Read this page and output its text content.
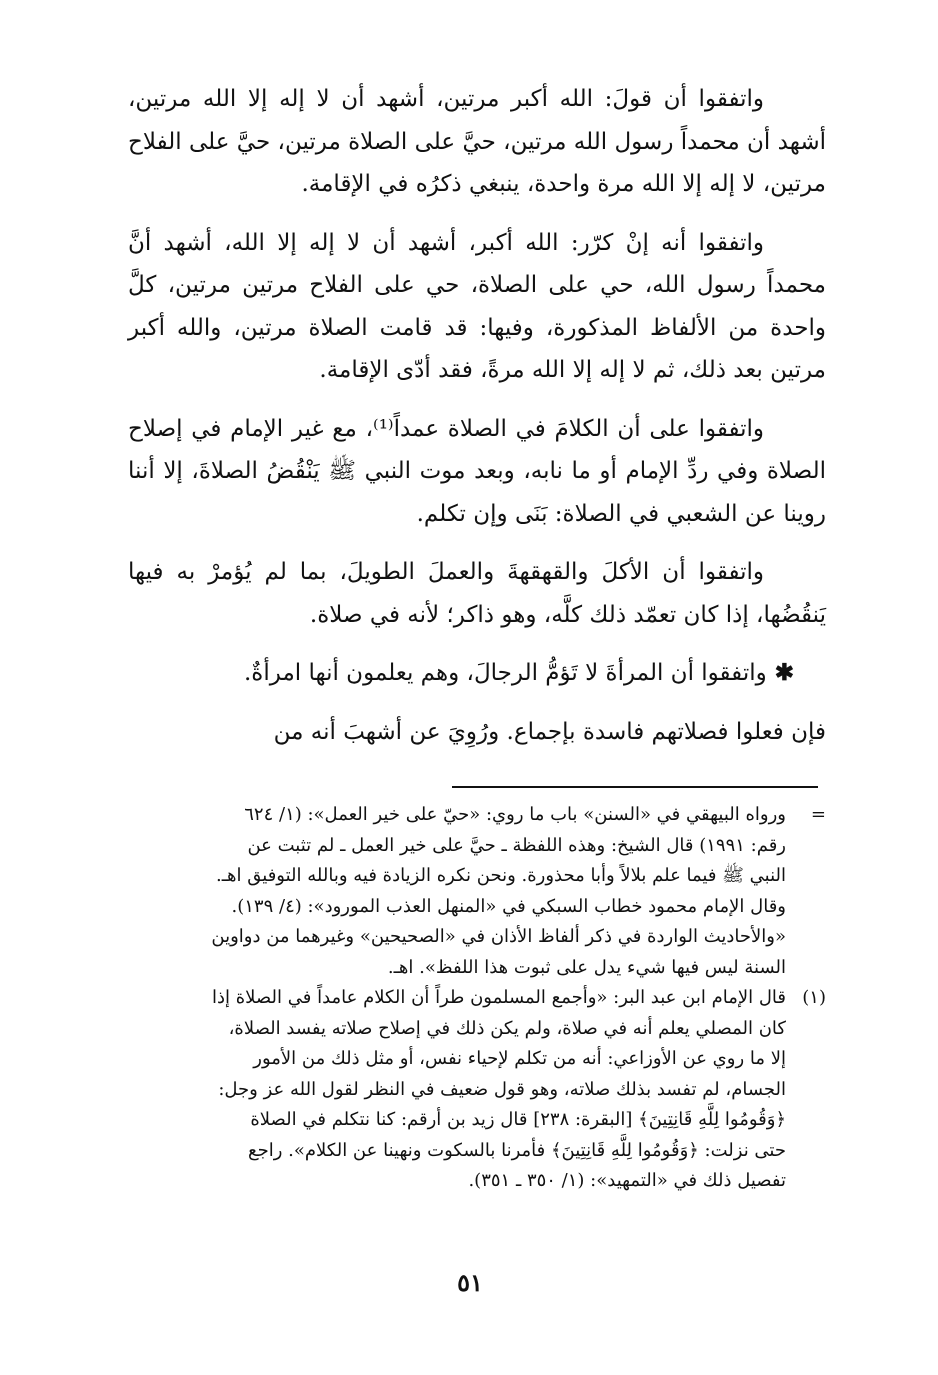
واتفقوا أن قولَ: الله أكبر مرتين، أشهد أن لا إله إلا الله مرتين، أشهد أن محمداً رسول الله مرتين، حيَّ على الصلاة مرتين، حيَّ على الفلاح مرتين، لا إله إلا الله مرة واحدة، ينبغي ذكرُه في الإقامة.

واتفقوا أنه إنْ كرّر: الله أكبر، أشهد أن لا إله إلا الله، أشهد أنَّ محمداً رسول الله، حي على الصلاة، حي على الفلاح مرتين مرتين، كلَّ واحدة من الألفاظ المذكورة، وفيها: قد قامت الصلاة مرتين، والله أكبر مرتين بعد ذلك، ثم لا إله إلا الله مرةً، فقد أدّى الإقامة.

واتفقوا على أن الكلامَ في الصلاة عمداً⁽¹⁾، مع غير الإمام في إصلاح الصلاة وفي ردِّ الإمام أو ما نابه، وبعد موت النبي ﷺ يَنْقُضُ الصلاةَ، إلا أننا روينا عن الشعبي في الصلاة: بَنَى وإن تكلم.

واتفقوا أن الأكلَ والقهقهةَ والعملَ الطويلَ، بما لم يُؤمرْ به فيها يَنقُضُها، إذا كان تعمّد ذلك كلَّه، وهو ذاكر؛ لأنه في صلاة.

✱واتفقوا أن المرأةَ لا تَؤمُّ الرجالَ، وهم يعلمون أنها امرأةٌ.

فإن فعلوا فصلاتهم فاسدة بإجماع. ورُوِيَ عن أشهبَ أنه من

=
ورواه البيهقي في «السنن» باب ما روي: «حيّ على خير العمل»: (١/ ٦٢٤
رقم: ١٩٩١) قال الشيخ: وهذه اللفظة ـ حيَّ على خير العمل ـ لم تثبت عن
النبي ﷺ فيما علم بلالاً وأبا محذورة. ونحن نكره الزيادة فيه وبالله التوفيق اهـ.
وقال الإمام محمود خطاب السبكي في «المنهل العذب المورود»: (٤/ ١٣٩).
«والأحاديث الواردة في ذكر ألفاظ الأذان في «الصحيحين» وغيرهما من دواوين
السنة ليس فيها شيء يدل على ثبوت هذا اللفظ». اهـ.
(١)
قال الإمام ابن عبد البر: «وأجمع المسلمون طراً أن الكلام عامداً في الصلاة إذا
كان المصلي يعلم أنه في صلاة، ولم يكن ذلك في إصلاح صلاته يفسد الصلاة،
إلا ما روي عن الأوزاعي: أنه من تكلم لإحياء نفس، أو مثل ذلك من الأمور
الجسام، لم تفسد بذلك صلاته، وهو قول ضعيف في النظر لقول الله عز وجل:
﴿وَقُومُوا لِلَّهِ قَانِتِينَ﴾ [البقرة: ٢٣٨] قال زيد بن أرقم: كنا نتكلم في الصلاة
حتى نزلت: ﴿وَقُومُوا لِلَّهِ قَانِتِينَ﴾ فأمرنا بالسكوت ونهينا عن الكلام». راجع
تفصيل ذلك في «التمهيد»: (١/ ٣٥٠ ـ ٣٥١).
٥١
